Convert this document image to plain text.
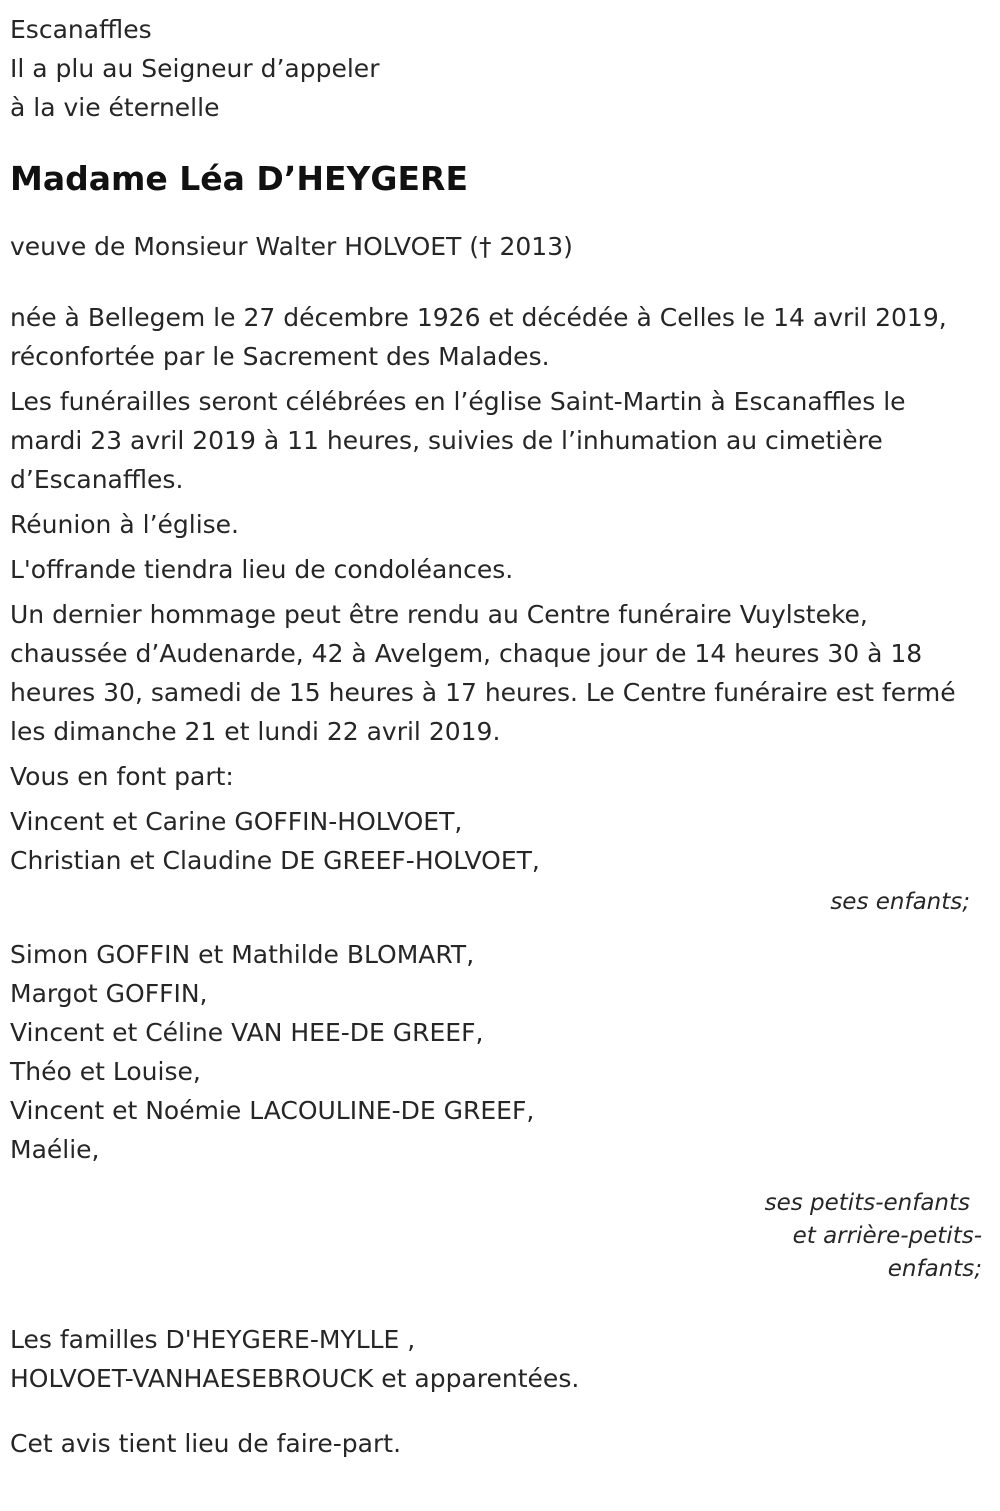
Escanaffles
Il a plu au Seigneur d’appeler
à la vie éternelle
Madame Léa D’HEYGERE
veuve de Monsieur Walter HOLVOET († 2013)
née à Bellegem le 27 décembre 1926 et décédée à Celles le 14 avril 2019, réconfortée par le Sacrement des Malades.
Les funérailles seront célébrées en l’église Saint-Martin à Escanaffles le mardi 23 avril 2019 à 11 heures, suivies de l’inhumation au cimetière d’Escanaffles.
Réunion à l’église.
L'offrande tiendra lieu de condoléances.
Un dernier hommage peut être rendu au Centre funéraire Vuylsteke, chaussée d’Audenarde, 42 à Avelgem, chaque jour de 14 heures 30 à 18 heures 30, samedi de 15 heures à 17 heures. Le Centre funéraire est fermé les dimanche 21 et lundi 22 avril 2019.
Vous en font part:
Vincent et Carine GOFFIN-HOLVOET,
Christian et Claudine DE GREEF-HOLVOET,
ses enfants;
Simon GOFFIN et Mathilde BLOMART,
Margot GOFFIN,
Vincent et Céline VAN HEE-DE GREEF,
Théo et Louise,
Vincent et Noémie LACOULINE-DE GREEF,
Maélie,
ses petits-enfants
et arrière-petits-
enfants;
Les familles D'HEYGERE-MYLLE ,
HOLVOET-VANHAESEBROUCK et apparentées.
Cet avis tient lieu de faire-part.
